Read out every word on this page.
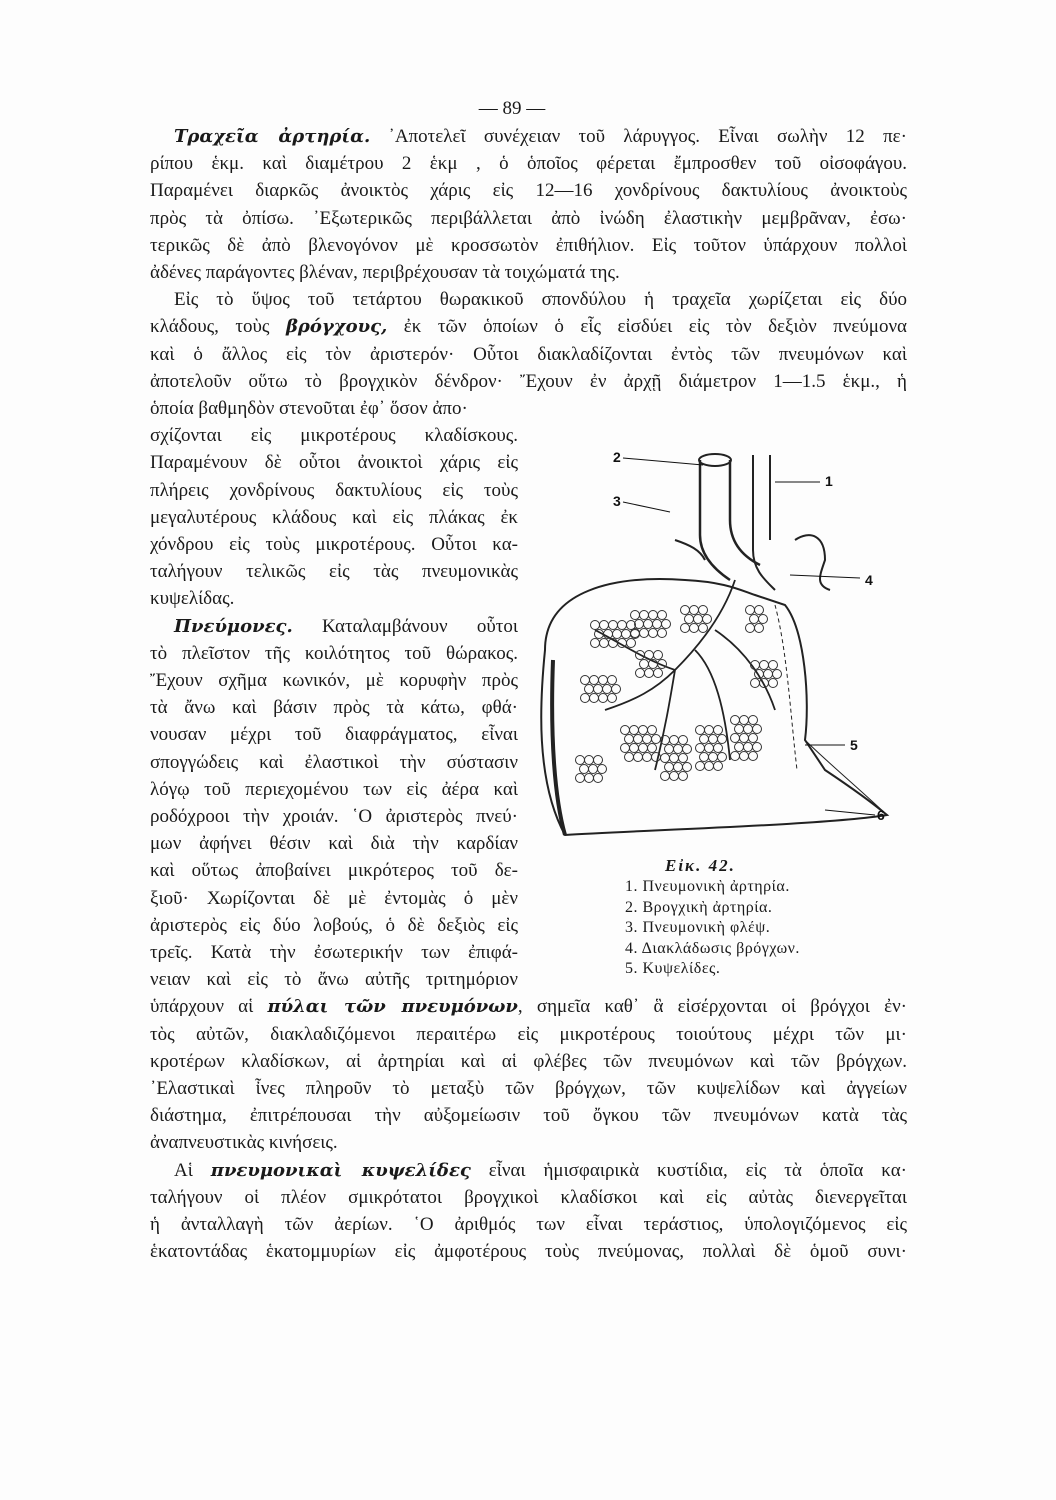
— 89 —
Τραχεῖα ἀρτηρία. ᾿Αποτελεῖ συνέχειαν τοῦ λάρυγγος. Εἶναι σωλὴν 12 πε·
ρίπου ἑκμ. καὶ διαμέτρου 2 ἑκμ , ὁ ὁποῖος φέρεται ἔμπροσθεν τοῦ οἰσοφάγου.
Παραμένει διαρκῶς ἀνοικτὸς χάρις εἰς 12—16 χονδρίνους δακτυλίους ἀνοικτοὺς
πρὸς τὰ ὀπίσω. ᾿Εξωτερικῶς περιβάλλεται ἀπὸ ἰνώδη ἐλαστικὴν μεμβρᾶναν, ἐσω·
τερικῶς δὲ ἀπὸ βλενογόνον μὲ κροσσωτὸν ἐπιθήλιον. Εἰς τοῦτον ὑπάρχουν πολλοὶ
ἀδένες παράγοντες βλέναν, περιβρέχουσαν τὰ τοιχώματά της.
Εἰς τὸ ὕψος τοῦ τετάρτου θωρακικοῦ σπονδύλου ἡ τραχεῖα χωρίζεται εἰς δύο
κλάδους, τοὺς βρόγχους, ἐκ τῶν ὁποίων ὁ εἷς εἰσδύει εἰς τὸν δεξιὸν πνεύμονα
καὶ ὁ ἄλλος εἰς τὸν ἀριστερόν· Οὗτοι διακλαδίζονται ἐντὸς τῶν πνευμόνων καὶ
ἀποτελοῦν οὕτω τὸ βρογχικὸν δένδρον· Ἔχουν ἐν ἀρχῇ διάμετρον 1—1.5 ἑκμ., ἡ
ὁποία βαθμηδὸν στενοῦται ἐφ᾿ ὅσον ἀπο·
σχίζονται εἰς μικροτέρους κλαδίσκους.
Παραμένουν δὲ οὗτοι ἀνοικτοὶ χάρις εἰς
πλήρεις χονδρίνους δακτυλίους εἰς τοὺς
μεγαλυτέρους κλάδους καὶ εἰς πλάκας ἐκ
χόνδρου εἰς τοὺς μικροτέρους. Οὗτοι κα-
ταλήγουν τελικῶς εἰς τὰς πνευμονικὰς
κυψελίδας.
Πνεύμονες. Καταλαμβάνουν οὗτοι
τὸ πλεῖστον τῆς κοιλότητος τοῦ θώρακος.
Ἔχουν σχῆμα κωνικόν, μὲ κορυφὴν πρὸς
τὰ ἄνω καὶ βάσιν πρὸς τὰ κάτω, φθά·
νουσαν μέχρι τοῦ διαφράγματος, εἶναι
σπογγώδεις καὶ ἐλαστικοὶ τὴν σύστασιν
λόγῳ τοῦ περιεχομένου των εἰς ἀέρα καὶ
ροδόχροοι τὴν χροιάν. ῾Ο ἀριστερὸς πνεύ·
μων ἀφήνει θέσιν καὶ διὰ τὴν καρδίαν
καὶ οὕτως ἀποβαίνει μικρότερος τοῦ δε-
ξιοῦ· Χωρίζονται δὲ μὲ ἐντομὰς ὁ μὲν
ἀριστερὸς εἰς δύο λοβούς, ὁ δὲ δεξιὸς εἰς
τρεῖς. Κατὰ τὴν ἐσωτερικήν των ἐπιφά-
νειαν καὶ εἰς τὸ ἄνω αὐτῆς τριτημόριον
ὑπάρχουν αἱ πύλαι τῶν πνευμόνων, σημεῖα καθ᾿ ἃ εἰσέρχονται οἱ βρόγχοι ἐν·
τὸς αὐτῶν, διακλαδιζόμενοι περαιτέρω εἰς μικροτέρους τοιούτους μέχρι τῶν μι·
κροτέρων κλαδίσκων, αἱ ἀρτηρίαι καὶ αἱ φλέβες τῶν πνευμόνων καὶ τῶν βρόγχων.
᾿Ελαστικαὶ ἶνες πληροῦν τὸ μεταξὺ τῶν βρόγχων, τῶν κυψελίδων καὶ ἀγγείων
διάστημα, ἐπιτρέπουσαι τὴν αὐξομείωσιν τοῦ ὄγκου τῶν πνευμόνων κατὰ τὰς
ἀναπνευστικὰς κινήσεις.
Αἱ πνευμονικαὶ κυψελίδες εἶναι ἡμισφαιρικὰ κυστίδια, εἰς τὰ ὁποῖα κα·
ταλήγουν οἱ πλέον σμικρότατοι βρογχικοὶ κλαδίσκοι καὶ εἰς αὐτὰς διενεργεῖται
ἡ ἀνταλλαγὴ τῶν ἀερίων. ῾Ο ἀριθμός των εἶναι τεράστιος, ὑπολογιζόμενος εἰς
ἑκατοντάδας ἑκατομμυρίων εἰς ἀμφοτέρους τοὺς πνεύμονας, πολλαὶ δὲ ὁμοῦ συνι·
2
3
1
4
5
6
Εἰκ. 42.
1. Πνευμονικὴ ἀρτηρία.
2. Βρογχικὴ ἀρτηρία.
3. Πνευμονικὴ φλέψ.
4. Διακλάδωσις βρόγχων.
5. Κυψελίδες.
